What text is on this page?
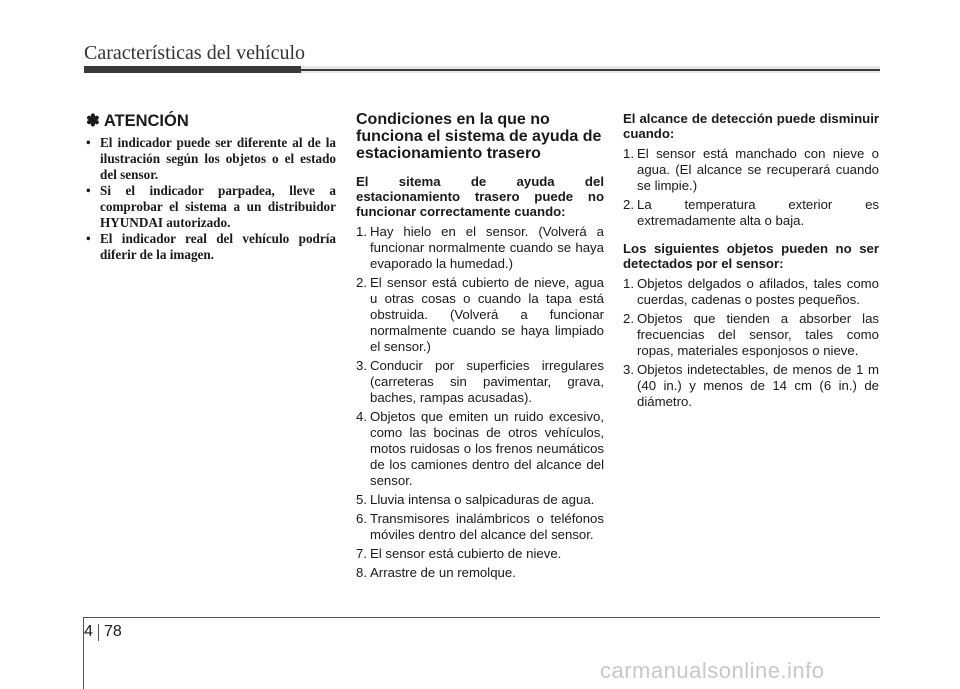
Características del vehículo
✽ ATENCIÓN
• El indicador puede ser diferente al de la ilustración según los objetos o el estado del sensor.
• Si el indicador parpadea, lleve a comprobar el sistema a un distribuidor HYUNDAI autorizado.
• El indicador real del vehículo podría diferir de la imagen.
Condiciones en la que no funciona el sistema de ayuda de estacionamiento trasero
El sitema de ayuda del estacionamiento trasero puede no funcionar correctamente cuando:
1. Hay hielo en el sensor. (Volverá a funcionar normalmente cuando se haya evaporado la humedad.)
2. El sensor está cubierto de nieve, agua u otras cosas o cuando la tapa está obstruida. (Volverá a funcionar normalmente cuando se haya limpiado el sensor.)
3. Conducir por superficies irregulares (carreteras sin pavimentar, grava, baches, rampas acusadas).
4. Objetos que emiten un ruido excesivo, como las bocinas de otros vehículos, motos ruidosas o los frenos neumáticos de los camiones dentro del alcance del sensor.
5. Lluvia intensa o salpicaduras de agua.
6. Transmisores inalámbricos o teléfonos móviles dentro del alcance del sensor.
7. El sensor está cubierto de nieve.
8. Arrastre de un remolque.
El alcance de detección puede disminuir cuando:
1. El sensor está manchado con nieve o agua. (El alcance se recuperará cuando se limpie.)
2. La temperatura exterior es extremadamente alta o baja.
Los siguientes objetos pueden no ser detectados por el sensor:
1. Objetos delgados o afilados, tales como cuerdas, cadenas o postes pequeños.
2. Objetos que tienden a absorber las frecuencias del sensor, tales como ropas, materiales esponjosos o nieve.
3. Objetos indetectables, de menos de 1 m (40 in.) y menos de 14 cm (6 in.) de diámetro.
4 78
carmanualsonline.info
